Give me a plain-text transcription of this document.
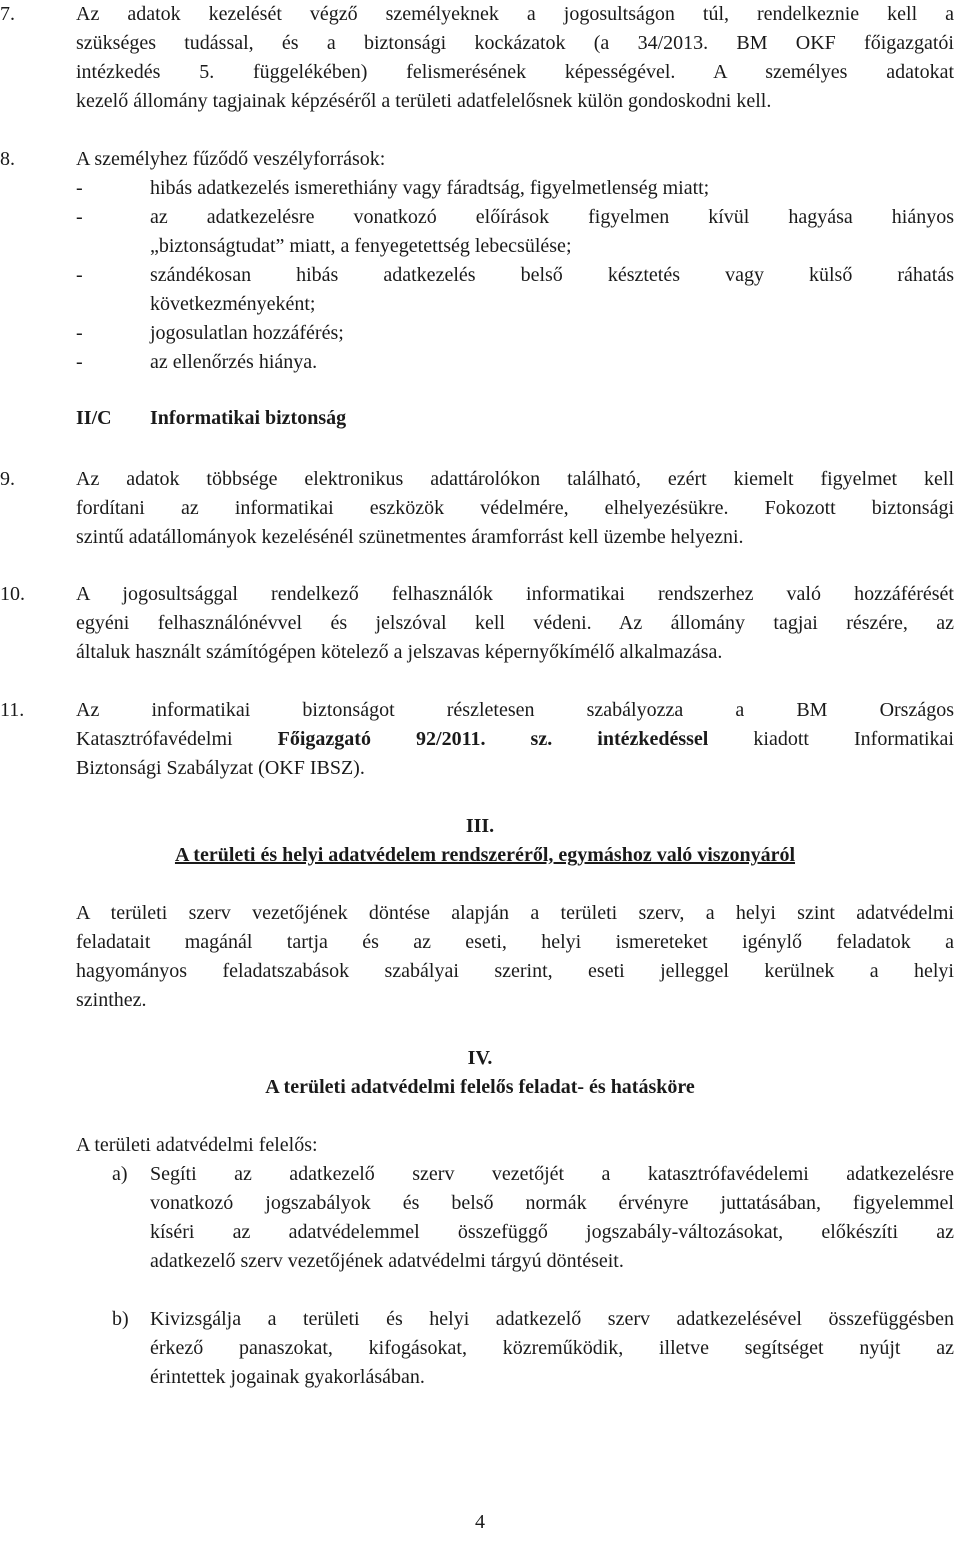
7.	Az adatok kezelését végző személyeknek a jogosultságon túl, rendelkeznie kell a
szükséges tudással, és a biztonsági kockázatok (a 34/2013. BM OKF főigazgatói
intézkedés 5. függelékében) felismerésének képességével. A személyes adatokat
kezelő állomány tagjainak képzéséről a területi adatfelelősnek külön gondoskodni kell.
8.	A személyhez fűződő veszélyforrások:
-	hibás adatkezelés ismerethiány vagy fáradtság, figyelmetlenség miatt;
-	az adatkezelésre vonatkozó előírások figyelmen kívül hagyása hiányos
„biztonságtudat” miatt, a fenyegetettség lebecsülése;
-	szándékosan hibás adatkezelés belső késztetés vagy külső ráhatás
következményeként;
-	jogosulatlan hozzáférés;
-	az ellenőrzés hiánya.
II/C Informatikai biztonság
9.	Az adatok többsége elektronikus adattárolókon található, ezért kiemelt figyelmet kell
fordítani az informatikai eszközök védelmére, elhelyezésükre. Fokozott biztonsági
szintű adatállományok kezelésénél szünetmentes áramforrást kell üzembe helyezni.
10.	A jogosultsággal rendelkező felhasználók informatikai rendszerhez való hozzáférését
egyéni felhasználónévvel és jelszóval kell védeni. Az állomány tagjai részére, az
általuk használt számítógépen kötelező a jelszavas képernyőkímélő alkalmazása.
11.	Az informatikai biztonságot részletesen szabályozza a BM Országos
Katasztrófavédelmi Főigazgató 92/2011. sz. intézkedéssel kiadott Informatikai
Biztonsági Szabályzat (OKF IBSZ).
III.
A területi és helyi adatvédelem rendszeréről, egymáshoz való viszonyáról
A területi szerv vezetőjének döntése alapján a területi szerv, a helyi szint adatvédelmi
feladatait magánál tartja és az eseti, helyi ismereteket igénylő feladatok a
hagyományos feladatszabások szabályai szerint, eseti jelleggel kerülnek a helyi
szinthez.
IV.
A területi adatvédelmi felelős feladat- és hatásköre
A területi adatvédelmi felelős:
a) Segíti az adatkezelő szerv vezetőjét a katasztrófavédelemi adatkezelésre
vonatkozó jogszabályok és belső normák érvényre juttatásában, figyelemmel
kíséri az adatvédelemmel összefüggő jogszabály-változásokat, előkészíti az
adatkezelő szerv vezetőjének adatvédelmi tárgyú döntéseit.
b) Kivizsgálja a területi és helyi adatkezelő szerv adatkezelésével összefüggésben
érkező panaszokat, kifogásokat, közreműködik, illetve segítséget nyújt az
érintettek jogainak gyakorlásában.
4
